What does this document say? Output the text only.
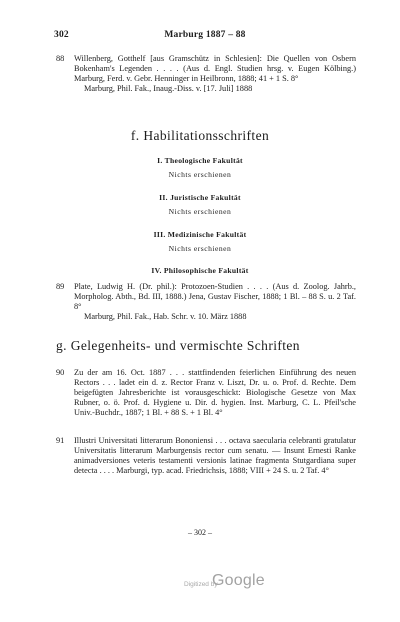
302	Marburg 1887 – 88
88	Willenberg, Gotthelf [aus Gramschütz in Schlesien]: Die Quellen von Osbern Bokenham's Legenden . . . . (Aus d. Engl. Studien hrsg. v. Eugen Kölbing.) Marburg, Ferd. v. Gebr. Henninger in Heilbronn, 1888; 41 + 1 S. 8°

Marburg, Phil. Fak., Inaug.-Diss. v. [17. Juli] 1888

f. Habilitationsschriften
I. Theologische Fakultät
Nichts erschienen
II. Juristische Fakultät
Nichts erschienen
III. Medizinische Fakultät
Nichts erschienen
IV. Philosophische Fakultät
89	Plate, Ludwig H. (Dr. phil.): Protozoen-Studien . . . . (Aus d. Zoolog. Jahrb., Morpholog. Abth., Bd. III, 1888.) Jena, Gustav Fischer, 1888; 1 Bl. – 88 S. u. 2 Taf. 8°

Marburg, Phil. Fak., Hab. Schr. v. 10. März 1888

g. Gelegenheits- und vermischte Schriften
90	Zu der am 16. Oct. 1887 . . . stattfindenden feierlichen Einführung des neuen Rectors . . . ladet ein d. z. Rector Franz v. Liszt, Dr. u. o. Prof. d. Rechte. Dem beigefügten Jahresberichte ist vorausgeschickt: Biologische Gesetze von Max Rubner, o. ö. Prof. d. Hygiene u. Dir. d. hygien. Inst. Marburg, C. L. Pfeil'sche Univ.-Buchdr., 1887; 1 Bl. + 88 S. + 1 Bl. 4°

91	Illustri Universitati litterarum Bononiensi . . . octava saecularia celebranti gratulatur Universitatis litterarum Marburgensis rector cum senatu. — Insunt Ernesti Ranke animadversiones veteris testamenti versionis latinae fragmenta Stutgardiana super detecta . . . . Marburgi, typ. acad. Friedrichsis, 1888; VIII + 24 S. u. 2 Taf. 4°

– 302 –
Digitized by
Google
